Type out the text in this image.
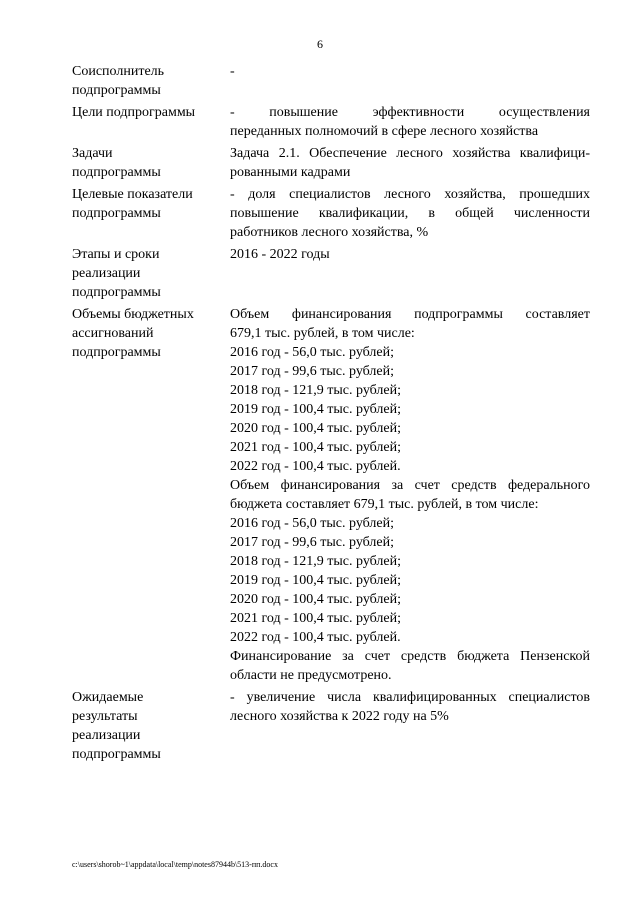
6
Соисполнитель
подпрограммы
-
Цели подпрограммы	- повышение эффективности осуществления
переданных полномочий в сфере лесного хозяйства
Задачи
подпрограммы
Задача 2.1. Обеспечение лесного хозяйства квалифици-
рованными кадрами
Целевые показатели
подпрограммы
- доля специалистов лесного хозяйства, прошедших
повышение квалификации, в общей численности
работников лесного хозяйства, %
Этапы и сроки
реализации
подпрограммы
2016 - 2022 годы
Объемы бюджетных
ассигнований
подпрограммы
Объем финансирования подпрограммы составляет
679,1 тыс. рублей, в том числе:
2016 год - 56,0 тыс. рублей;
2017 год - 99,6 тыс. рублей;
2018 год - 121,9 тыс. рублей;
2019 год - 100,4 тыс. рублей;
2020 год - 100,4 тыс. рублей;
2021 год - 100,4 тыс. рублей;
2022 год - 100,4 тыс. рублей.
Объем финансирования за счет средств федерального
бюджета составляет 679,1 тыс. рублей, в том числе:
2016 год - 56,0 тыс. рублей;
2017 год - 99,6 тыс. рублей;
2018 год - 121,9 тыс. рублей;
2019 год - 100,4 тыс. рублей;
2020 год - 100,4 тыс. рублей;
2021 год - 100,4 тыс. рублей;
2022 год - 100,4 тыс. рублей.
Финансирование за счет средств бюджета Пензенской
области не предусмотрено.
Ожидаемые
результаты
реализации
подпрограммы
- увеличение числа квалифицированных специалистов
лесного хозяйства к 2022 году на 5%
c:\users\shorob~1\appdata\local\temp\notes87944b\513-пп.docx
